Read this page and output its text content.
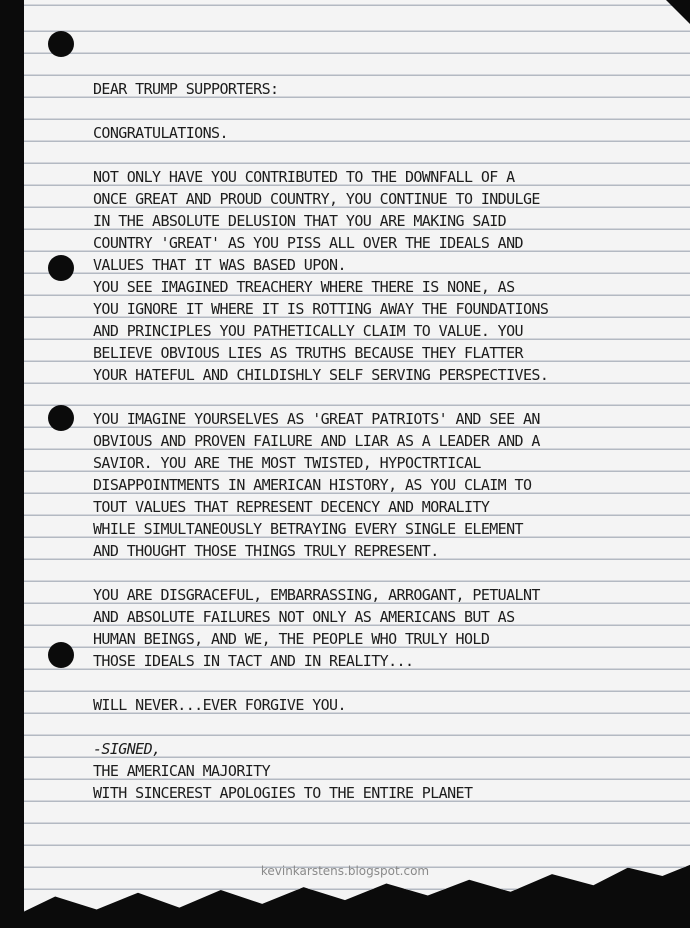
DEAR TRUMP SUPPORTERS:
CONGRATULATIONS.
NOT ONLY HAVE YOU CONTRIBUTED TO THE DOWNFALL OF A
ONCE GREAT AND PROUD COUNTRY, YOU CONTINUE TO INDULGE
IN THE ABSOLUTE DELUSION THAT YOU ARE MAKING SAID
COUNTRY 'GREAT' AS YOU PISS ALL OVER THE IDEALS AND
VALUES THAT IT WAS BASED UPON.
YOU SEE IMAGINED TREACHERY WHERE THERE IS NONE, AS
YOU IGNORE IT WHERE IT IS ROTTING AWAY THE FOUNDATIONS
AND PRINCIPLES YOU PATHETICALLY CLAIM TO VALUE. YOU
BELIEVE OBVIOUS LIES AS TRUTHS BECAUSE THEY FLATTER
YOUR HATEFUL AND CHILDISHLY SELF SERVING PERSPECTIVES.
YOU IMAGINE YOURSELVES AS 'GREAT PATRIOTS' AND SEE AN
OBVIOUS AND PROVEN FAILURE AND LIAR AS A LEADER AND A
SAVIOR. YOU ARE THE MOST TWISTED, HYPOCTRTICAL
DISAPPOINTMENTS IN AMERICAN HISTORY, AS YOU CLAIM TO
TOUT VALUES THAT REPRESENT DECENCY AND MORALITY
WHILE SIMULTANEOUSLY BETRAYING EVERY SINGLE ELEMENT
AND THOUGHT THOSE THINGS TRULY REPRESENT.
YOU ARE DISGRACEFUL, EMBARRASSING, ARROGANT, PETUALNT
AND ABSOLUTE FAILURES NOT ONLY AS AMERICANS BUT AS
HUMAN BEINGS, AND WE, THE PEOPLE WHO TRULY HOLD
THOSE IDEALS IN TACT AND IN REALITY...
WILL NEVER...EVER FORGIVE YOU.
-SIGNED,
THE AMERICAN MAJORITY
WITH SINCEREST APOLOGIES TO THE ENTIRE PLANET
kevinkarstens.blogspot.com
